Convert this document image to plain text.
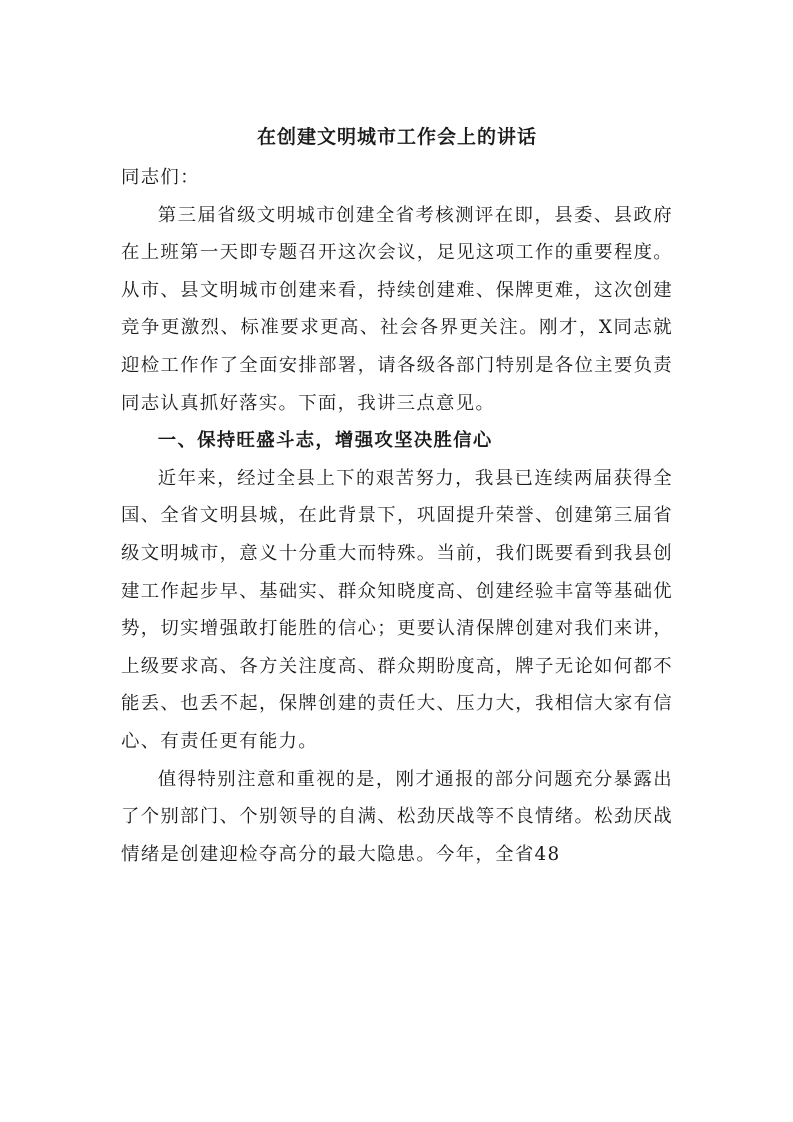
在创建文明城市工作会上的讲话

同志们：

第三届省级文明城市创建全省考核测评在即，县委、县政府在上班第一天即专题召开这次会议，足见这项工作的重要程度。从市、县文明城市创建来看，持续创建难、保牌更难，这次创建竞争更激烈、标准要求更高、社会各界更关注。刚才，X同志就迎检工作作了全面安排部署，请各级各部门特别是各位主要负责同志认真抓好落实。下面，我讲三点意见。

一、保持旺盛斗志，增强攻坚决胜信心

近年来，经过全县上下的艰苦努力，我县已连续两届获得全国、全省文明县城，在此背景下，巩固提升荣誉、创建第三届省级文明城市，意义十分重大而特殊。当前，我们既要看到我县创建工作起步早、基础实、群众知晓度高、创建经验丰富等基础优势，切实增强敢打能胜的信心；更要认清保牌创建对我们来讲，上级要求高、各方关注度高、群众期盼度高，牌子无论如何都不能丢、也丢不起，保牌创建的责任大、压力大，我相信大家有信心、有责任更有能力。

值得特别注意和重视的是，刚才通报的部分问题充分暴露出了个别部门、个别领导的自满、松劲厌战等不良情绪。松劲厌战情绪是创建迎检夺高分的最大隐患。今年，全省48
